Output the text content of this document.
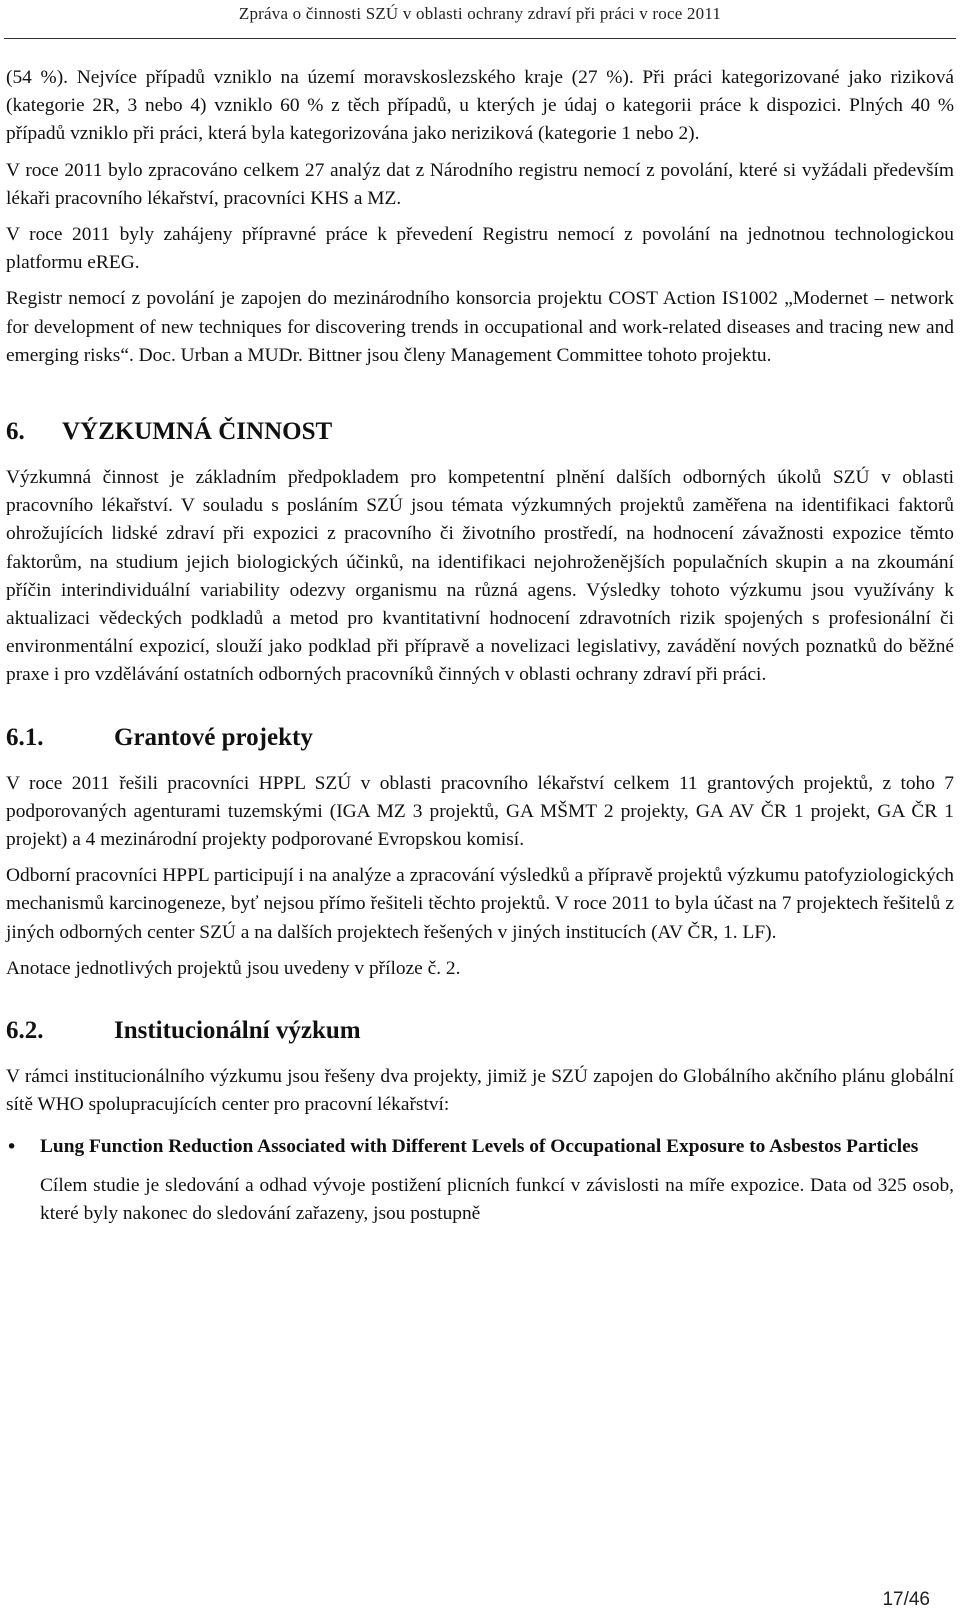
Zpráva o činnosti SZÚ v oblasti ochrany zdraví při práci v roce 2011

(54 %). Nejvíce případů vzniklo na území moravskoslezského kraje (27 %). Při práci kategorizované jako riziková (kategorie 2R, 3 nebo 4) vzniklo 60 % z těch případů, u kterých je údaj o kategorii práce k dispozici. Plných 40 % případů vzniklo při práci, která byla kategorizována jako neriziková (kategorie 1 nebo 2).

V roce 2011 bylo zpracováno celkem 27 analýz dat z Národního registru nemocí z povolání, které si vyžádali především lékaři pracovního lékařství, pracovníci KHS a MZ.

V roce 2011 byly zahájeny přípravné práce k převedení Registru nemocí z povolání na jednotnou technologickou platformu eREG.

Registr nemocí z povolání je zapojen do mezinárodního konsorcia projektu COST Action IS1002 „Modernet – network for development of new techniques for discovering trends in occupational and work-related diseases and tracing new and emerging risks“. Doc. Urban a MUDr. Bittner jsou členy Management Committee tohoto projektu.

6.	VÝZKUMNÁ ČINNOST

Výzkumná činnost je základním předpokladem pro kompetentní plnění dalších odborných úkolů SZÚ v oblasti pracovního lékařství. V souladu s posláním SZÚ jsou témata výzkumných projektů zaměřena na identifikaci faktorů ohrožujících lidské zdraví při expozici z pracovního či životního prostředí, na hodnocení závažnosti expozice těmto faktorům, na studium jejich biologických účinků, na identifikaci nejohroženějších populačních skupin a na zkoumání příčin interindividuální variability odezvy organismu na různá agens. Výsledky tohoto výzkumu jsou využívány k aktualizaci vědeckých podkladů a metod pro kvantitativní hodnocení zdravotních rizik spojených s profesionální či environmentální expozicí, slouží jako podklad při přípravě a novelizaci legislativy, zavádění nových poznatků do běžné praxe i pro vzdělávání ostatních odborných pracovníků činných v oblasti ochrany zdraví při práci.

6.1.	Grantové projekty

V roce 2011 řešili pracovníci HPPL SZÚ v oblasti pracovního lékařství celkem 11 grantových projektů, z toho 7 podporovaných agenturami tuzemskými (IGA MZ 3 projektů, GA MŠMT 2 projekty, GA AV ČR 1 projekt, GA ČR 1 projekt) a 4 mezinárodní projekty podporované Evropskou komisí.

Odborní pracovníci HPPL participují i na analýze a zpracování výsledků a přípravě projektů výzkumu patofyziologických mechanismů karcinogeneze, byť nejsou přímo řešiteli těchto projektů. V roce 2011 to byla účast na 7 projektech řešitelů z jiných odborných center SZÚ a na dalších projektech řešených v jiných institucích (AV ČR, 1. LF).

Anotace jednotlivých projektů jsou uvedeny v příloze č. 2.

6.2.	Institucionální výzkum

V rámci institucionálního výzkumu jsou řešeny dva projekty, jimiž je SZÚ zapojen do Globálního akčního plánu globální sítě WHO spolupracujících center pro pracovní lékařství:

•	Lung Function Reduction Associated with Different Levels of Occupational Exposure to Asbestos Particles

Cílem studie je sledování a odhad vývoje postižení plicních funkcí v závislosti na míře expozice. Data od 325 osob, které byly nakonec do sledování zařazeny, jsou postupně

17/46
